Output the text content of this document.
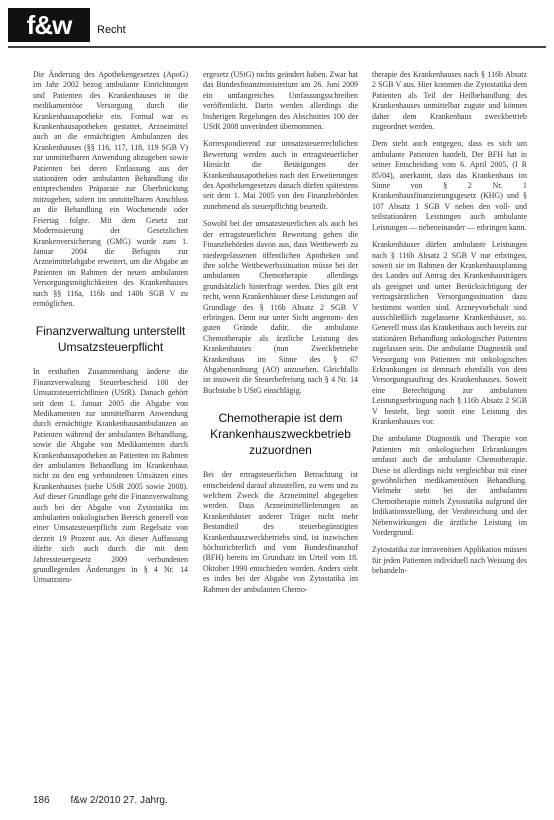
f&w	Recht

Die Änderung des Apothekengesetzes (ApoG) im Jahr 2002 bezog ambulante Einrichtungen und Patienten des Krankenhauses in die medikamentöse Versorgung durch die Krankenhausapotheke ein. Formal war es Krankenhausapotheken gestattet, Arzneimittel auch an die ermächtigten Ambulanzen des Krankenhauses (§§ 116, 117, 118, 119 SGB V) zur unmittelbaren Anwendung abzugeben sowie Patienten bei deren Entlassung aus der stationären oder ambulanten Behandlung die entsprechenden Präparate zur Überbrückung mitzugeben, sofern im unmittelbaren Anschluss an die Behandlung ein Wochenende oder Feiertag folgte. Mit dem Gesetz zur Modernisierung der Gesetzlichen Krankenversicherung (GMG) wurde zum 1. Januar 2004 die Befugnis zur Arzneimittelabgabe erweitert, um die Abgabe an Patienten im Rahmen der neuen ambulanten Versorgungsmöglichkeiten des Krankenhauses nach §§ 116a, 116b und 140b SGB V zu ermöglichen.

Finanzverwaltung unterstellt Umsatzsteuerpflicht

In ersthaften Zusammenhang änderte die Finanzverwaltung Steuerbescheid 100 der Umsatzsteuerrichtlinien (UStR). Danach gehört seit dem 1. Januar 2005 die Abgabe von Medikamenten zur unmittelbaren Anwendung durch ermächtigte Krankenhausambulanzen an Patienten während der ambulanten Behandlung, sowie die Abgabe von Medikamenten durch Krankenhausapotheken an Patienten im Rahmen der ambulanten Behandlung im Krankenhaus nicht zu den eng verbundenen Umsätzen eines Krankenhauses (siehe UStR 2005 sowie 2008). Auf dieser Grundlage geht die Finanzverwaltung auch bei der Abgabe von Zytostatika im ambulanten onkologischen Bereich generell von einer Umsatzsteuerpflicht zum Regelsatz von derzeit 19 Prozent aus. An dieser Auffassung dürfte sich auch durch die mit dem Jahressteuergesetz 2009 verbundenen grundlegenden Änderungen in § 4 Nr. 14 Umsatzsteu-

ergesetz (UStG) nichts geändert haben. Zwar hat das Bundesfinanzministerium am 26. Juni 2009 ein umfangreiches Umfassungsschreiben veröffentlicht. Darin werden allerdings die bisherigen Regelungen des Abschnittes 100 der UStR 2008 unverändert übernommen.

Korrespondierend zur umsatzsteuerrechtlichen Bewertung werden auch in ertragsteuerlicher Hinsicht die Betätigungen der Krankenhausapotheken nach den Erweiterungen des Apothekengesetzes danach dürfen spätestens seit dem 1. Mai 2005 von den Finanzbehörden zunehmend als steuerpflichtig beurteilt.

Sowohl bei der umsatzsteuerlichen als auch bei der ertragsteuerlichen Bewertung gehen die Finanzbehörden davon aus, dass Wettbewerb zu niedergelassenen öffentlichen Apotheken und ihre solche Wettbewerbssituation müsse bei der ambulanten Chemotherapie allerdings grundsätzlich hinterfragt werden. Dies gilt erst recht, wenn Krankenhäuser diese Leistungen auf Grundlage des § 116b Absatz 2 SGB V erbringen. Denn nur unter Sicht angenom- den guten Gründe dafür, die ambulante Chemotherapie als ärztliche Leistung des Krankenhauses (nun Zweckbetriebe Krankenhaus im Sinne des § 67 Abgabenordnung (AO) anzusehen. Gleichfalls ist insoweit die Steuerbefreiung nach § 4 Nr. 14 Buchstabe b UStG einschlägig.

Chemotherapie ist dem Krankenhauszweckbetrieb zuzuordnen

Bei der ertragsteuerlichen Betrachtung ist entscheidend darauf abzustellen, zu wem und zu welchem Zweck die Arzneimittel abgegeben werden. Dass Arzneimittellieferungen an Krankenhäuser anderer Träger nicht mehr Bestandteil des steuerbegünstigten Krankenhauszweckbetriebs sind, ist inzwischen höchstrichterlich und vom Bundesfinanzhof (BFH) bereits im Grundsatz im Urteil vom 18. Oktober 1990 entschieden worden. Anders sieht es indes bei der Abgabe von Zytostatika im Rahmen der ambulanten Chemo-

therapie des Krankenhauses nach § 116b Absatz 2 SGB V aus. Hier kommen die Zytostatika dem Patienten als Teil der Heilbehandlung des Krankenhauses unmittelbar zugute und können daher dem Krankenhaus zweckbetrieb zugeordnet werden.

Dem steht auch entgegen, dass es sich um ambulante Patienten handelt. Der BFH hat in seiner Entscheidung vom 6. April 2005, (I R 85/04), anerkannt, dass das Krankenhaus im Sinne von § 2 Nr. 1 Krankenhausfinanzierungsgesetz (KHG) und § 107 Absatz 1 SGB V neben den voll- und teilstationären Leistungen auch ambulante Leistungen — nebeneinander — erbringen kann.

Krankenhäuser dürfen ambulante Leistungen nach § 116b Absatz 2 SGB V nur erbringen, soweit sie im Rahmen der Krankenhausplanung des Landes auf Antrag des Krankenhausträgers als geeignet und unter Berücksichtigung der vertragsärztlichen Versorgungssituation dazu bestimmt worden sind. Arzneyvorbehalt sind ausschließlich zugelassene Krankenhäuser, so. Generell muss das Krankenhaus auch bereits zur stationären Behandlung onkologischer Patienten zugelassen sein. Die ambulante Diagnostik und Versorgung von Patienten mit onkologischen Erkrankungen ist demnach ebenfalls von dem Versorgungsauftrag des Krankenhauses. Soweit eine Berechtigung zur ambulanten Leistungserbringung nach § 116b Absatz 2 SGB V besteht, liegt somit eine Leistung des Krankenhauses vor.

Die ambulante Diagnostik und Therapie von Patienten mit onkologischen Erkrankungen umfasst auch die ambulante Chemotherapie. Diese ist allerdings nicht vergleichbar mit einer gewöhnlichen medikamentösen Behandlung. Vielmehr steht bei der ambulanten Chemotherapie mittels Zytostatika aufgrund der Indikationsstellung, der Verabreichung und der Nebenwirkungen die ärztliche Leistung im Vordergrund.

Zytostatika zur intravenösen Applikation müssen für jeden Patienten individuell nach Weisung des behandeln-

186 f&w 2/2010 27. Jahrg.
